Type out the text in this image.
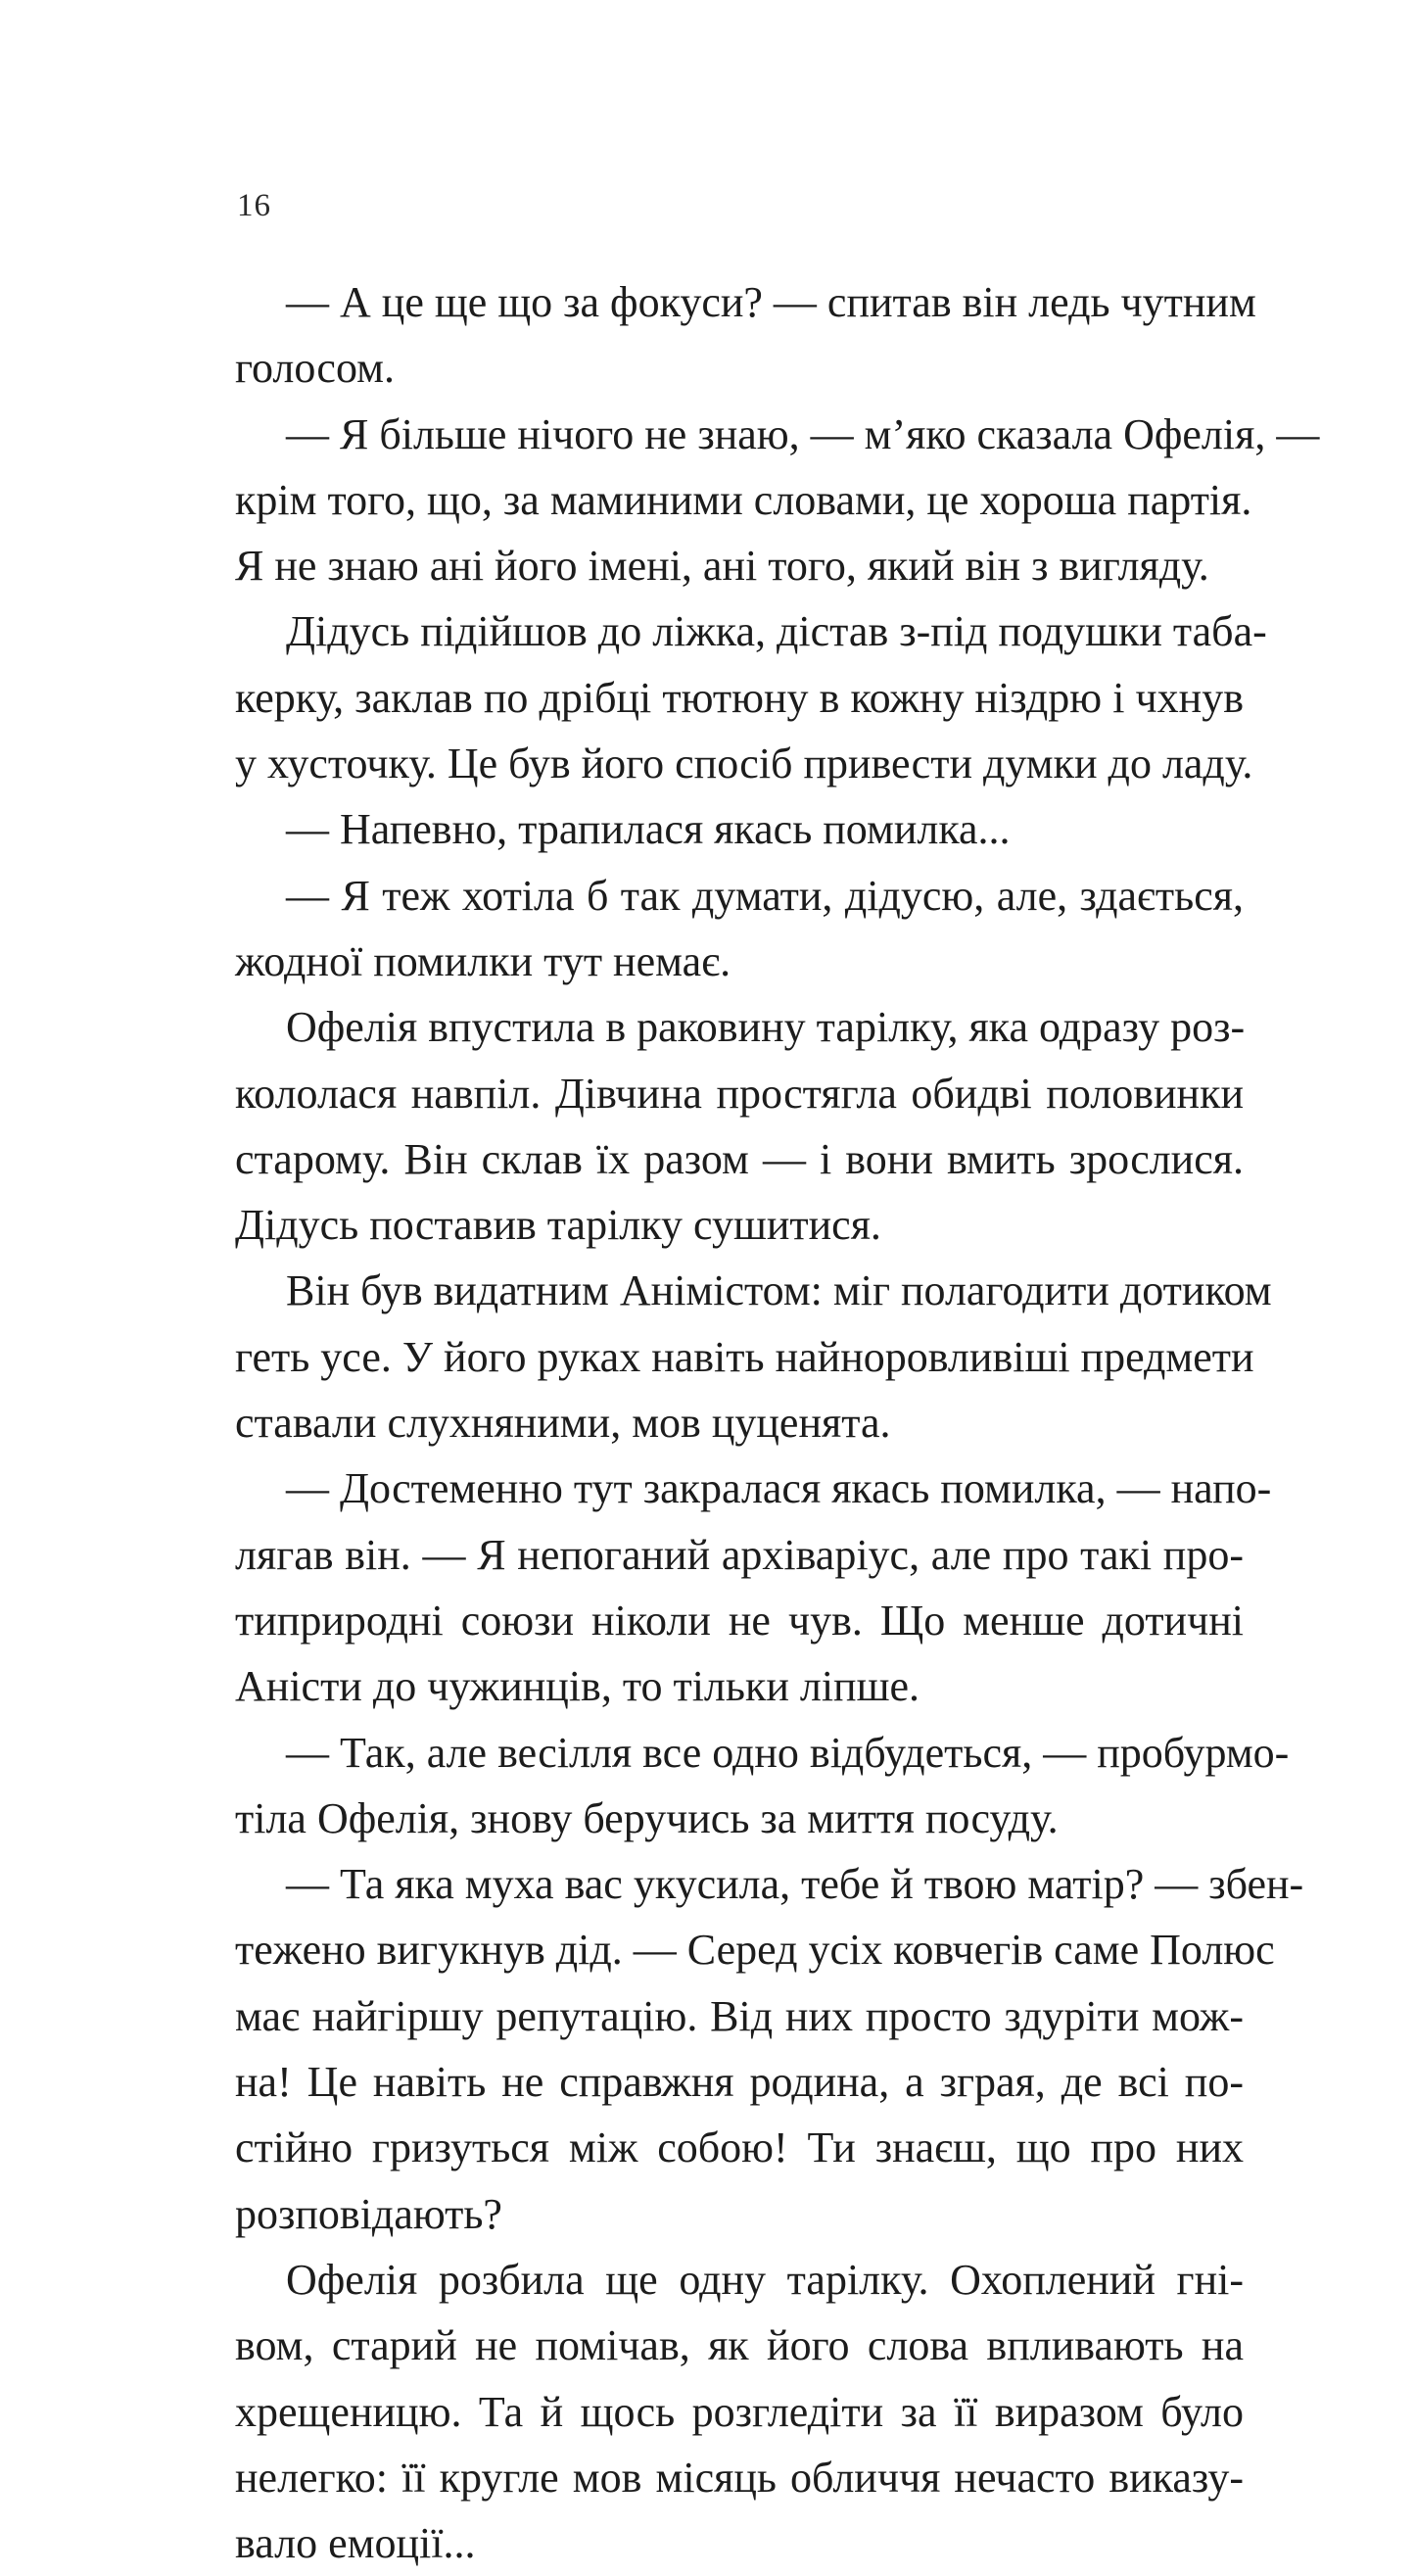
16
— А це ще що за фокуси? — спитав він ледь чутним
голосом.
— Я більше нічого не знаю, — м’яко сказала Офелія, —
крім того, що, за маминими словами, це хороша партія.
Я не знаю ані його імені, ані того, який він з вигляду.
Дідусь підійшов до ліжка, дістав з-під подушки таба-
керку, заклав по дрібці тютюну в кожну ніздрю і чхнув
у хусточку. Це був його спосіб привести думки до ладу.
— Напевно, трапилася якась помилка...
— Я теж хотіла б так думати, дідусю, але, здається,
жодної помилки тут немає.
Офелія впустила в раковину тарілку, яка одразу роз-
кололася навпіл. Дівчина простягла обидві половинки
старому. Він склав їх разом — і вони вмить зрослися.
Дідусь поставив тарілку сушитися.
Він був видатним Анімістом: міг полагодити дотиком
геть усе. У його руках навіть найноровливіші предмети
ставали слухняними, мов цуценята.
— Достеменно тут закралася якась помилка, — напо-
лягав він. — Я непоганий архіваріус, але про такі про-
типриродні союзи ніколи не чув. Що менше дотичні
Аністи до чужинців, то тільки ліпше.
— Так, але весілля все одно відбудеться, — пробурмо-
тіла Офелія, знову беручись за миття посуду.
— Та яка муха вас укусила, тебе й твою матір? — збен-
тежено вигукнув дід. — Серед усіх ковчегів саме Полюс
має найгіршу репутацію. Від них просто здуріти мож-
на! Це навіть не справжня родина, а зграя, де всі по-
стійно гризуться між собою! Ти знаєш, що про них
розповідають?
Офелія розбила ще одну тарілку. Охоплений гні-
вом, старий не помічав, як його слова впливають на
хрещеницю. Та й щось розгледіти за її виразом було
нелегко: її кругле мов місяць обличчя нечасто виказу-
вало емоції...
